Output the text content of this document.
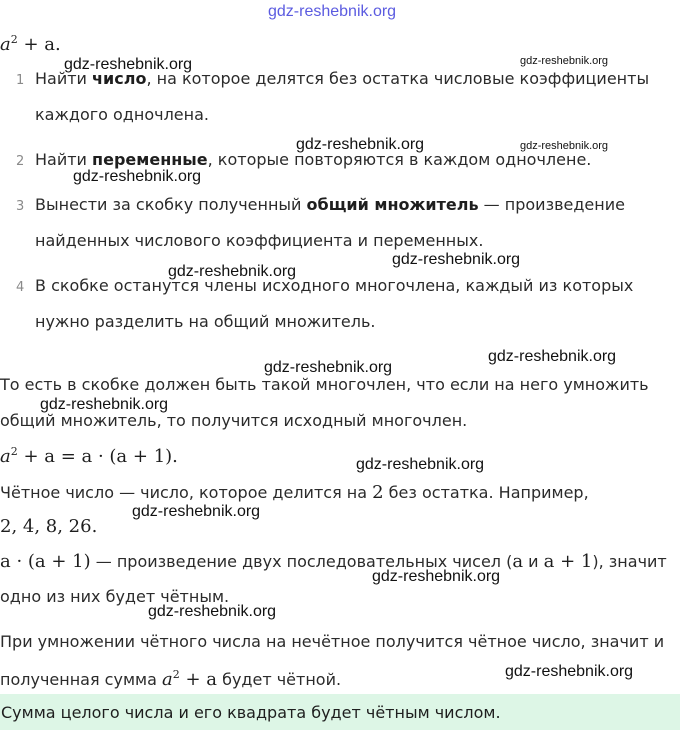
gdz-reshebnik.org
$a^2 + a$.
1 Найти число, на которое делятся без остатка числовые коэффициенты
каждого одночлена.
2 Найти переменные, которые повторяются в каждом одночлене.
3 Вынести за скобку полученный общий множитель — произведение
найденных числового коэффициента и переменных.
4 В скобке останутся члены исходного многочлена, каждый из которых
нужно разделить на общий множитель.
То есть в скобке должен быть такой многочлен, что если на него умножить
общий множитель, то получится исходный многочлен.
$a^2 + a = a \cdot (a + 1)$.
Чётное число — число, которое делится на 2 без остатка. Например,
2, 4, 8, 26.
a · (a + 1) — произведение двух последовательных чисел (a и a + 1), значит
одно из них будет чётным.
При умножении чётного числа на нечётное получится чётное число, значит и
полученная сумма $a^2 + a$ будет чётной.
Сумма целого числа и его квадрата будет чётным числом.
gdz-reshebnik.org	gdz-reshebnik.org
gdz-reshebnik.org	gdz-reshebnik.org
gdz-reshebnik.org
gdz-reshebnik.org
gdz-reshebnik.org
gdz-reshebnik.org
gdz-reshebnik.org
gdz-reshebnik.org
gdz-reshebnik.org
gdz-reshebnik.org
gdz-reshebnik.org
gdz-reshebnik.org
gdz-reshebnik.org
